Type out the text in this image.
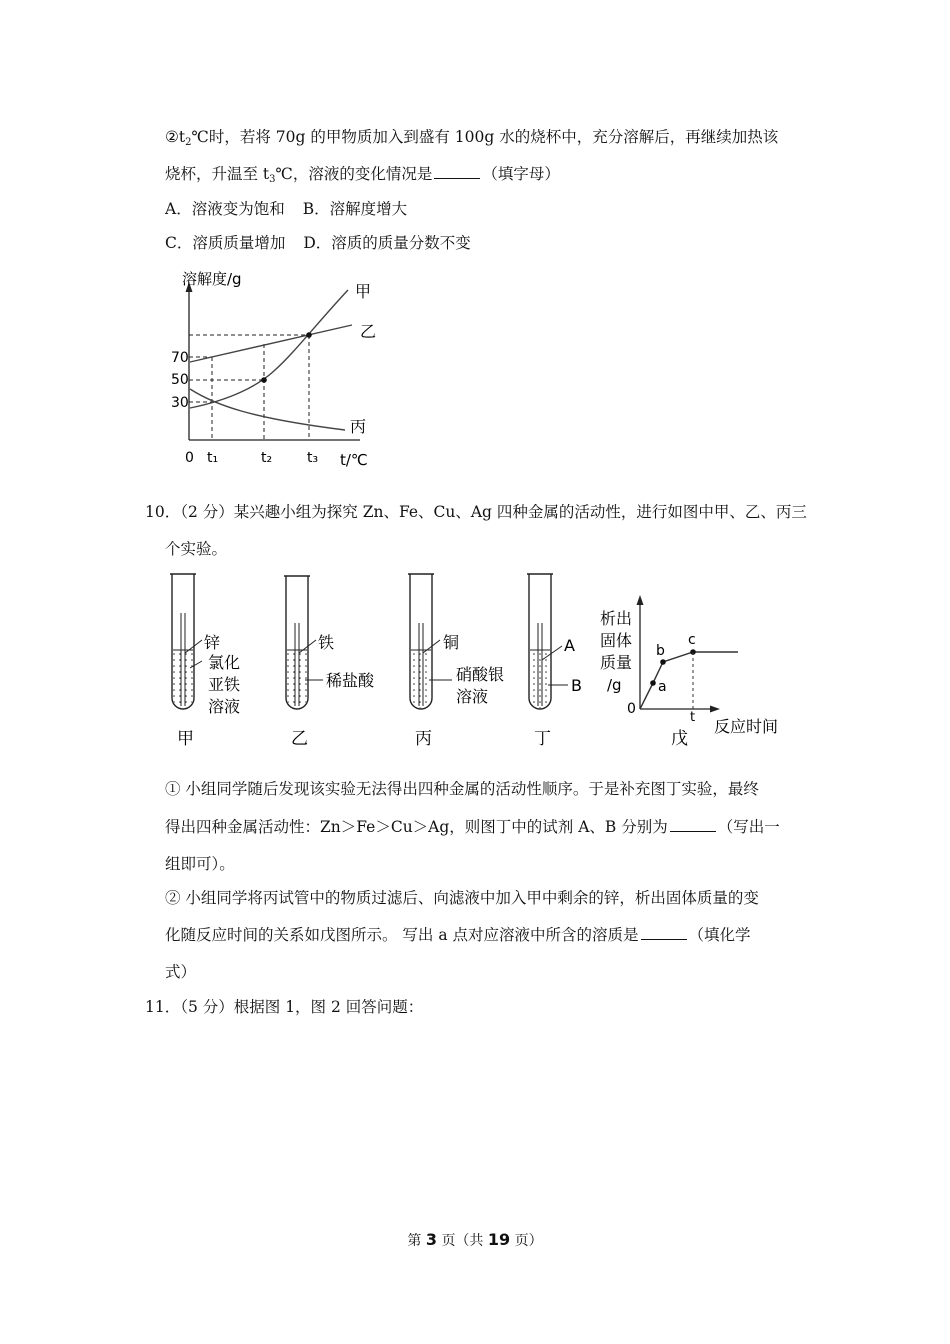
$②t_2℃$时，若将 70g 的甲物质加入到盛有 100g 水的烧杯中，充分溶解后，再继续加热该
烧杯，升温至 $t_3℃$，溶液的变化情况是	（填字母）
A．溶液变为饱和 B．溶解度增大
C．溶质质量增加 D．溶质的质量分数不变
溶解度/g
t/℃
0
70
50
30
t₁	t₂ t₃
甲
乙
丙
10．（2 分）某兴趣小组为探究 Zn、Fe、Cu、Ag 四种金属的活动性，进行如图中甲、乙、丙三
个实验。
锌
氯化
亚铁
溶液
甲
铁
稀盐酸
乙
铜
硝酸银
溶液
丙
A
B
丁
析出
固体
质量
/g
0
a
b
c
t 反应时间
戊
① 小组同学随后发现该实验无法得出四种金属的活动性顺序。于是补充图丁实验，最终
得出四种金属活动性：Zn＞Fe＞Cu＞Ag，则图丁中的试剂 A、B 分别为	（写出一
组即可）。
② 小组同学将丙试管中的物质过滤后、向滤液中加入甲中剩余的锌，析出固体质量的变
化随反应时间的关系如戊图所示。 写出 a 点对应溶液中所含的溶质是	（填化学
式）
11．（5 分）根据图 1，图 2 回答问题：
第 3 页（共 19 页）
